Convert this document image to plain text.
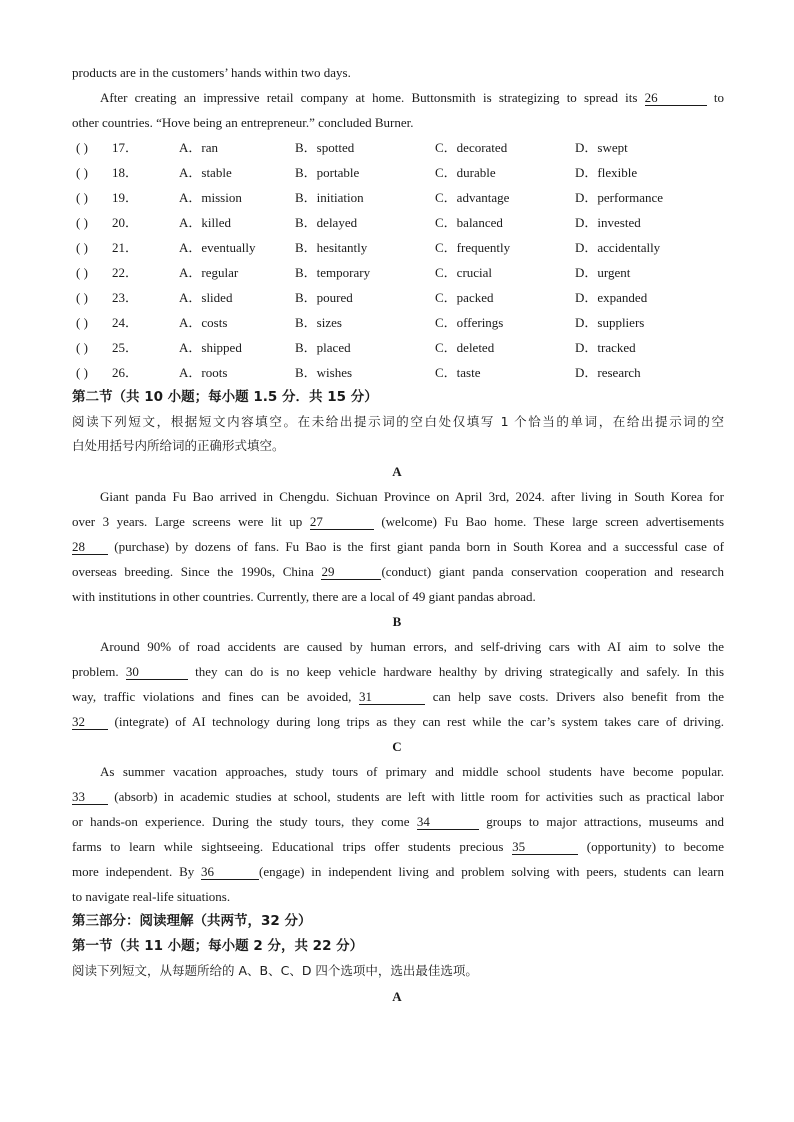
products are in the customers’ hands within two days.
After creating an impressive retail company at home. Buttonsmith is strategizing to spread its 26	to
other countries. “Hove being an entrepreneur.” concluded Burner.
( ) 17．	A．ran	B．spotted	C．decorated	D．swept
( ) 18．	A．stable	B．portable	C．durable	D．flexible
( ) 19．	A．mission	B．initiation	C．advantage	D．performance
( ) 20．	A．killed	B．delayed	C．balanced	D．invested
( ) 21．	A．eventually	B．hesitantly	C．frequently	D．accidentally
( ) 22．	A．regular	B．temporary	C．crucial	D．urgent
( ) 23．	A．slided	B．poured	C．packed	D．expanded
( ) 24．	A．costs	B．sizes	C．offerings	D．suppliers
( ) 25．	A．shipped	B．placed	C．deleted	D．tracked
( ) 26．	A．roots	B．wishes	C．taste	D．research
第二节（共 10 小题；每小题 1.5 分．共 15 分）
阅读下列短文，根据短文内容填空。在未给出提示词的空白处仅填写 1 个恰当的单词，在给出提示词的空
白处用括号内所给词的正确形式填空。
A
Giant panda Fu Bao arrived in Chengdu. Sichuan Province on April 3rd, 2024. after living in South Korea for
over 3 years. Large screens were lit up 27	(welcome) Fu Bao home. These large screen advertisements
28 (purchase) by dozens of fans. Fu Bao is the first giant panda born in South Korea and a successful case of
overseas breeding. Since the 1990s, China 29	(conduct) giant panda conservation cooperation and research
with institutions in other countries. Currently, there are a local of 49 giant pandas abroad.
B
Around 90% of road accidents are caused by human errors, and self-driving cars with AI aim to solve the
problem. 30	they can do is no keep vehicle hardware healthy by driving strategically and safely. In this
way, traffic violations and fines can be avoided, 31	can help save costs. Drivers also benefit from the
32 (integrate) of AI technology during long trips as they can rest while the car’s system takes care of driving.
C
As summer vacation approaches, study tours of primary and middle school students have become popular.
33 (absorb) in academic studies at school, students are left with little room for activities such as practical labor
or hands-on experience. During the study tours, they come 34	groups to major attractions, museums and
farms to learn while sightseeing. Educational trips offer students precious 35	(opportunity) to become
more independent. By 36	(engage) in independent living and problem solving with peers, students can learn
to navigate real-life situations.
第三部分：阅读理解（共两节，32 分）
第一节（共 11 小题；每小题 2 分，共 22 分）
阅读下列短文，从每题所给的 A、B、C、D 四个选项中，选出最佳选项。
A
